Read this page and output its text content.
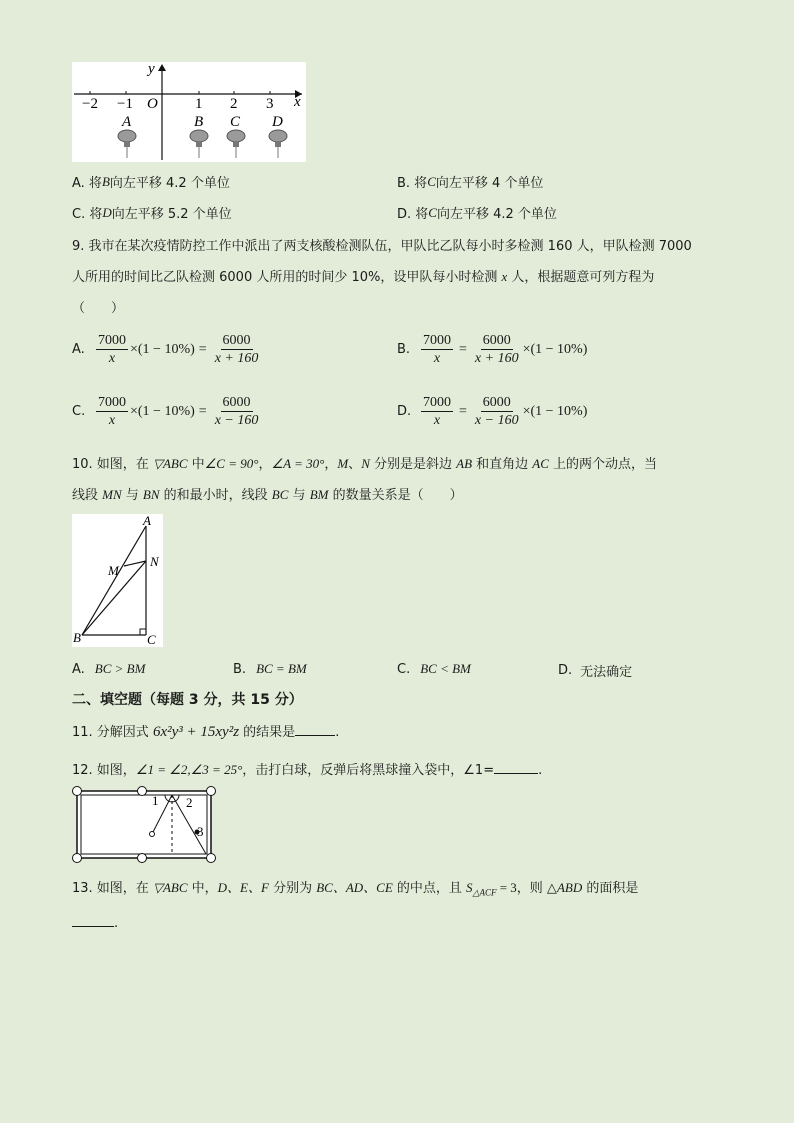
−2 −1 O 1 2 3 x
y
A	B C D
A. 将 B 向左平移 4.2 个单位	B. 将 C 向左平移 4 个单位
C. 将 D 向左平移 5.2 个单位	D. 将 C 向左平移 4.2 个单位
9. 我市在某次疫情防控工作中派出了两支核酸检测队伍，甲队比乙队每小时多检测 160 人，甲队检测 7000
人所用的时间比乙队检测 6000 人所用的时间少 10%，设甲队每小时检测 x 人，根据题意可列方程为
（　　）
A. $\frac{7000}{x} \times(1 - 10\%) = \frac{6000}{x + 160}$	B. $\frac{7000}{x} = \frac{6000}{x + 160} \times(1 - 10\%)$
C. $\frac{7000}{x} \times(1 - 10\%) = \frac{6000}{x - 160}$	D. $\frac{7000}{x} = \frac{6000}{x - 160} \times(1 - 10\%)$
10. 如图，在 ▽ABC 中∠C = 90°，∠A = 30°，M、N 分别是是斜边 AB 和直角边 AC 上的两个动点，当
线段 MN 与 BN 的和最小时，线段 BC 与 BM 的数量关系是（　　）
A
M
N
B	C
A. BC > BM	B. BC = BM	C. BC < BM	D. 无法确定
二、填空题（每题 3 分，共 15 分）
11. 分解因式 6x²y³ + 15xy²z 的结果是	.
12. 如图，∠1 = ∠2,∠3 = 25°，击打白球，反弹后将黑球撞入袋中，∠1=	.
1 2
3
13. 如图，在 ▽ABC 中，D、E、F 分别为 BC、AD、CE 的中点，且 $S_{\triangle ACF} = 3$，则 △ABD 的面积是
.
